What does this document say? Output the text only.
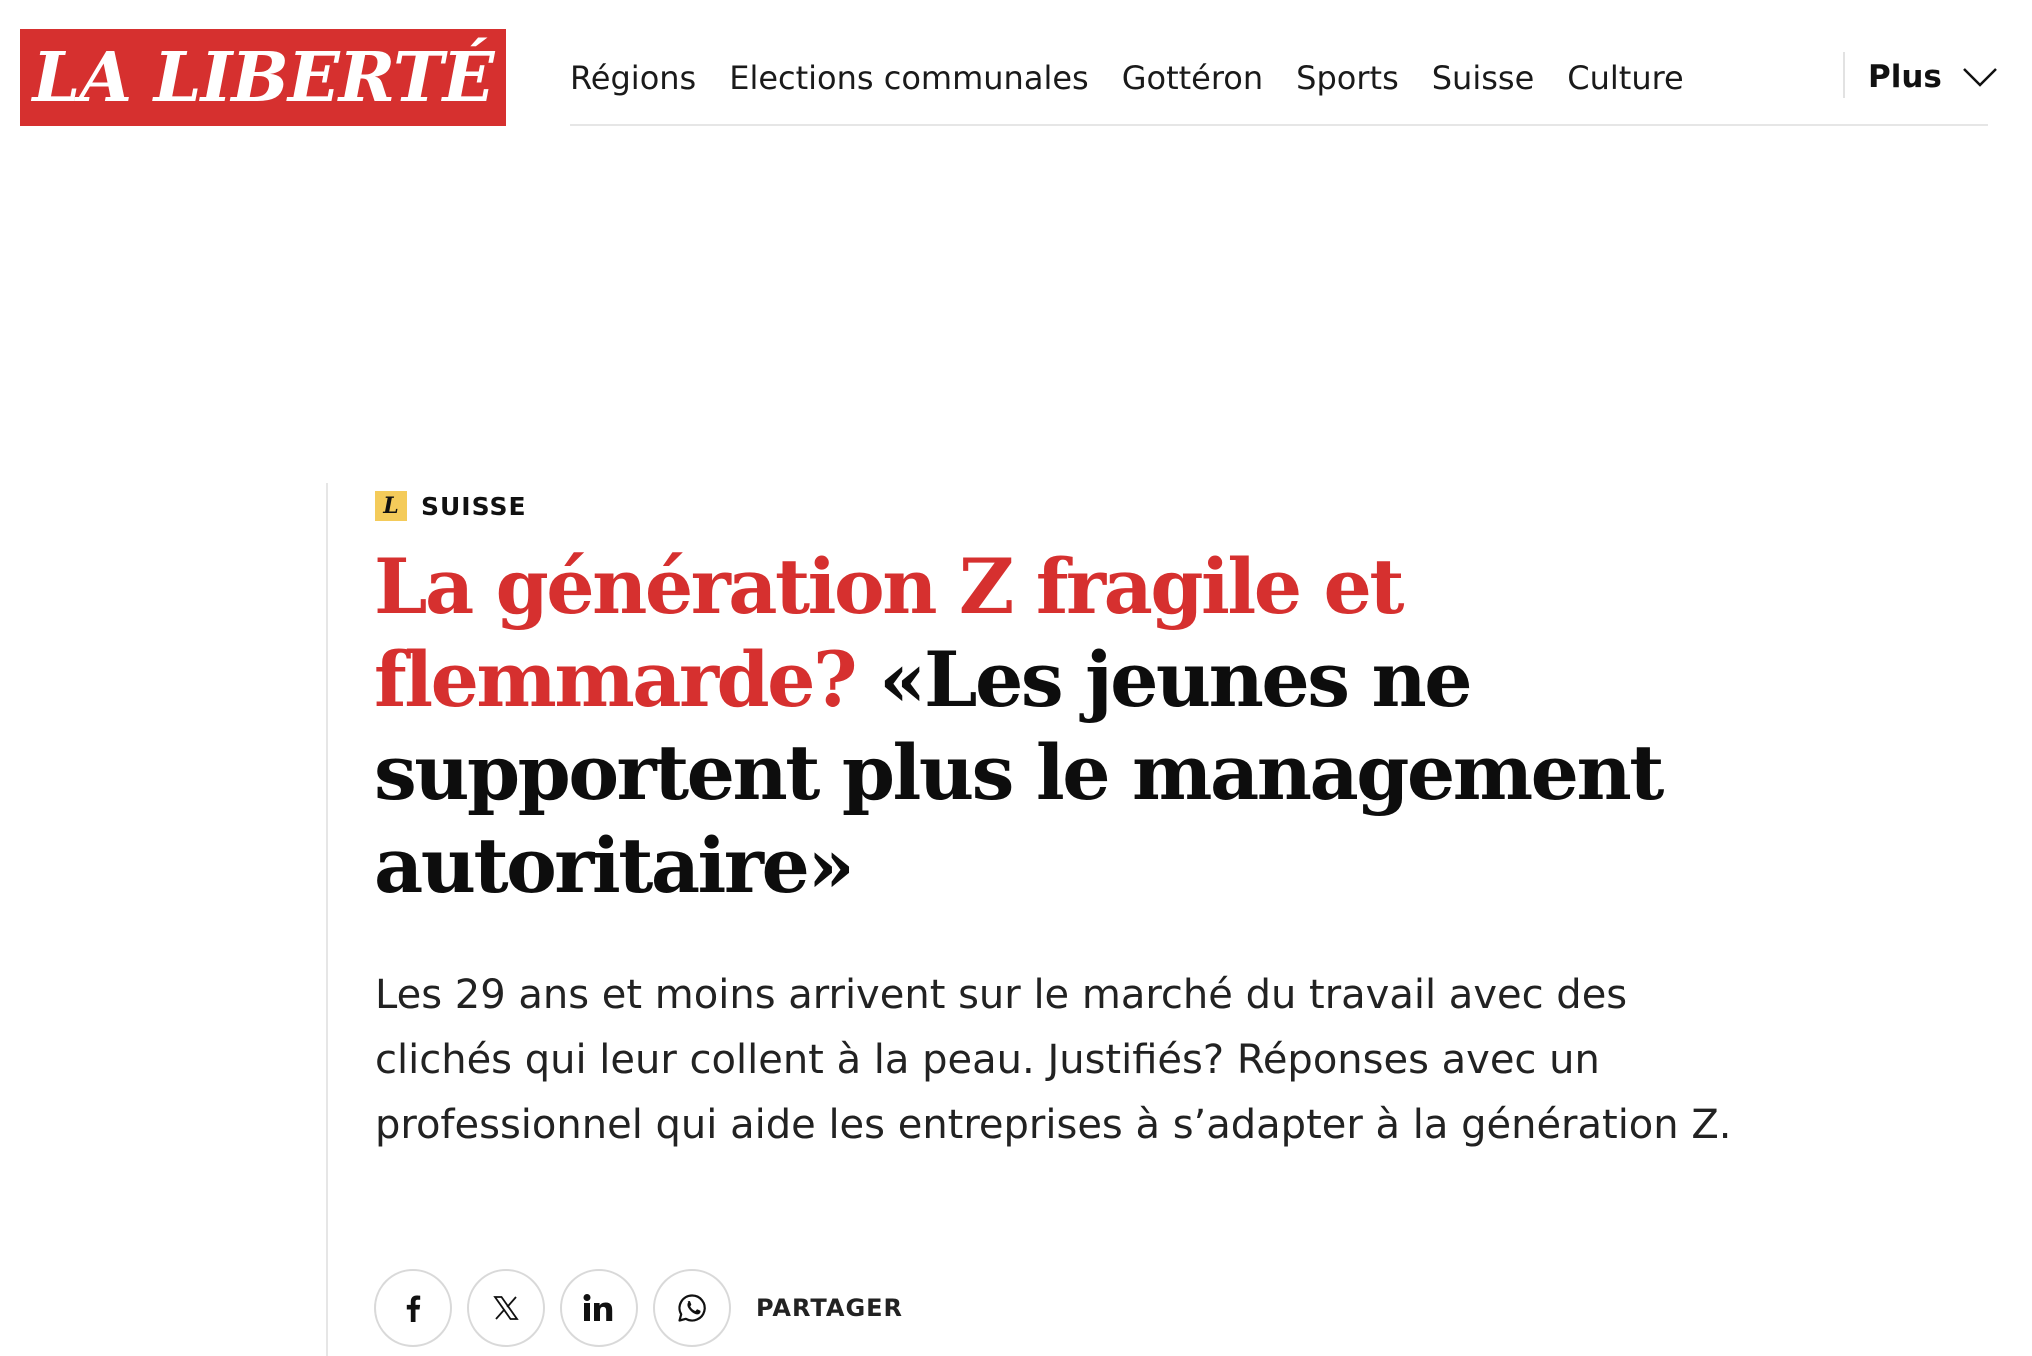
LA LIBERTÉ Régions Elections communales Gottéron Sports Suisse Culture	Plus
L SUISSE
La génération Z fragile et flemmarde? «Les jeunes ne supportent plus le management autoritaire»

Les 29 ans et moins arrivent sur le marché du travail avec des clichés qui leur collent à la peau. Justifiés? Réponses avec un professionnel qui aide les entreprises à s’adapter à la génération Z.

PARTAGER
